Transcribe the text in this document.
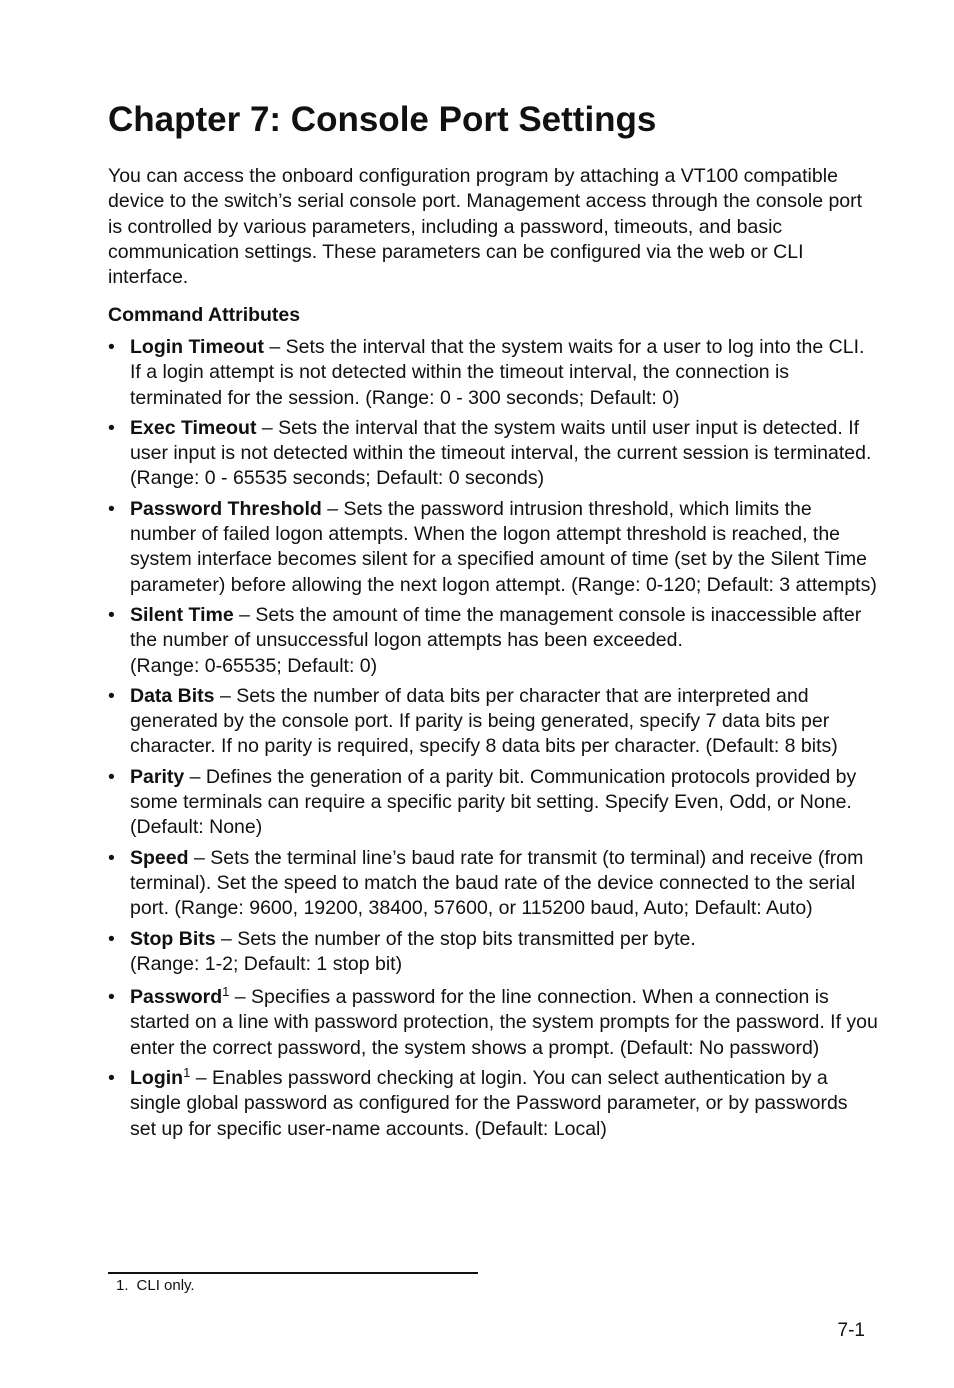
Chapter 7: Console Port Settings

You can access the onboard configuration program by attaching a VT100 compatible device to the switch’s serial console port. Management access through the console port is controlled by various parameters, including a password, timeouts, and basic communication settings. These parameters can be configured via the web or CLI interface.

Command Attributes
• Login Timeout – Sets the interval that the system waits for a user to log into the CLI. If a login attempt is not detected within the timeout interval, the connection is terminated for the session. (Range: 0 - 300 seconds; Default: 0)
• Exec Timeout – Sets the interval that the system waits until user input is detected. If user input is not detected within the timeout interval, the current session is terminated. (Range: 0 - 65535 seconds; Default: 0 seconds)
• Password Threshold – Sets the password intrusion threshold, which limits the number of failed logon attempts. When the logon attempt threshold is reached, the system interface becomes silent for a specified amount of time (set by the Silent Time parameter) before allowing the next logon attempt. (Range: 0-120; Default: 3 attempts)
• Silent Time – Sets the amount of time the management console is inaccessible after the number of unsuccessful logon attempts has been exceeded.
(Range: 0-65535; Default: 0)
• Data Bits – Sets the number of data bits per character that are interpreted and generated by the console port. If parity is being generated, specify 7 data bits per character. If no parity is required, specify 8 data bits per character. (Default: 8 bits)
• Parity – Defines the generation of a parity bit. Communication protocols provided by some terminals can require a specific parity bit setting. Specify Even, Odd, or None. (Default: None)
• Speed – Sets the terminal line’s baud rate for transmit (to terminal) and receive (from terminal). Set the speed to match the baud rate of the device connected to the serial port. (Range: 9600, 19200, 38400, 57600, or 115200 baud, Auto; Default: Auto)
• Stop Bits – Sets the number of the stop bits transmitted per byte.
(Range: 1-2; Default: 1 stop bit)
• Password$^1$ – Specifies a password for the line connection. When a connection is started on a line with password protection, the system prompts for the password. If you enter the correct password, the system shows a prompt. (Default: No password)
• Login$^1$ – Enables password checking at login. You can select authentication by a single global password as configured for the Password parameter, or by passwords set up for specific user-name accounts. (Default: Local)
1. CLI only.
7-1
